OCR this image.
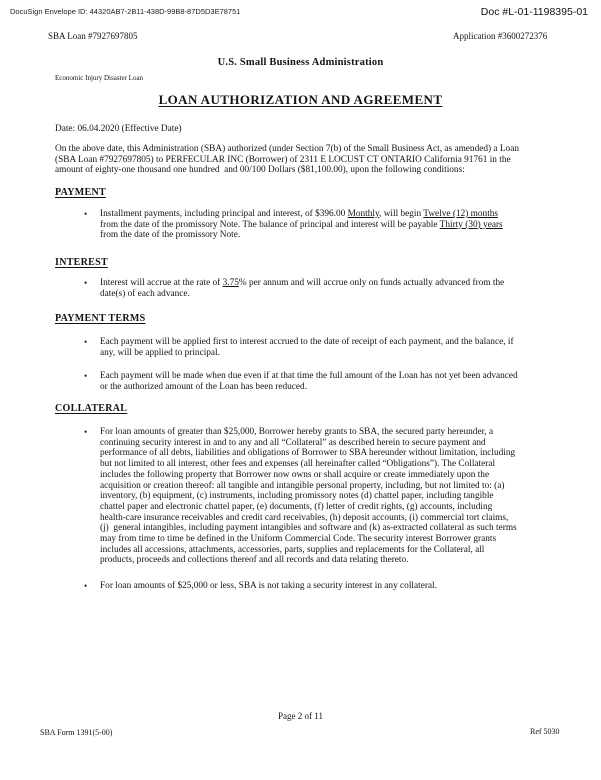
DocuSign Envelope ID: 44320AB7-2B11-438D-99B8-87D5D3E78751	Doc #L-01-1198395-01
SBA Loan #7927697805	Application #3600272376
U.S. Small Business Administration
Economic Injury Disaster Loan
LOAN AUTHORIZATION AND AGREEMENT
Date: 06.04.2020 (Effective Date)
On the above date, this Administration (SBA) authorized (under Section 7(b) of the Small Business Act, as amended) a Loan
(SBA Loan #7927697805) to PERFECULAR INC (Borrower) of 2311 E LOCUST CT ONTARIO California 91761 in the
amount of eighty-one thousand one hundred  and 00/100 Dollars ($81,100.00), upon the following conditions:
PAYMENT
•	Installment payments, including principal and interest, of $396.00 Monthly, will begin Twelve (12) months
from the date of the promissory Note. The balance of principal and interest will be payable Thirty (30) years
from the date of the promissory Note.
INTEREST
•	Interest will accrue at the rate of 3.75% per annum and will accrue only on funds actually advanced from the
date(s) of each advance.
PAYMENT TERMS
•	Each payment will be applied first to interest accrued to the date of receipt of each payment, and the balance, if
any, will be applied to principal.
•	Each payment will be made when due even if at that time the full amount of the Loan has not yet been advanced
or the authorized amount of the Loan has been reduced.
COLLATERAL
•	For loan amounts of greater than $25,000, Borrower hereby grants to SBA, the secured party hereunder, a
continuing security interest in and to any and all “Collateral” as described herein to secure payment and
performance of all debts, liabilities and obligations of Borrower to SBA hereunder without limitation, including
but not limited to all interest, other fees and expenses (all hereinafter called “Obligations”). The Collateral
includes the following property that Borrower now owns or shall acquire or create immediately upon the
acquisition or creation thereof: all tangible and intangible personal property, including, but not limited to: (a)
inventory, (b) equipment, (c) instruments, including promissory notes (d) chattel paper, including tangible
chattel paper and electronic chattel paper, (e) documents, (f) letter of credit rights, (g) accounts, including
health-care insurance receivables and credit card receivables, (h) deposit accounts, (i) commercial tort claims,
(j)  general intangibles, including payment intangibles and software and (k) as-extracted collateral as such terms
may from time to time be defined in the Uniform Commercial Code. The security interest Borrower grants
includes all accessions, attachments, accessories, parts, supplies and replacements for the Collateral, all
products, proceeds and collections thereof and all records and data relating thereto.
•	For loan amounts of $25,000 or less, SBA is not taking a security interest in any collateral.
Page 2 of 11
SBA Form 1391(5-00)	Ref 5030
